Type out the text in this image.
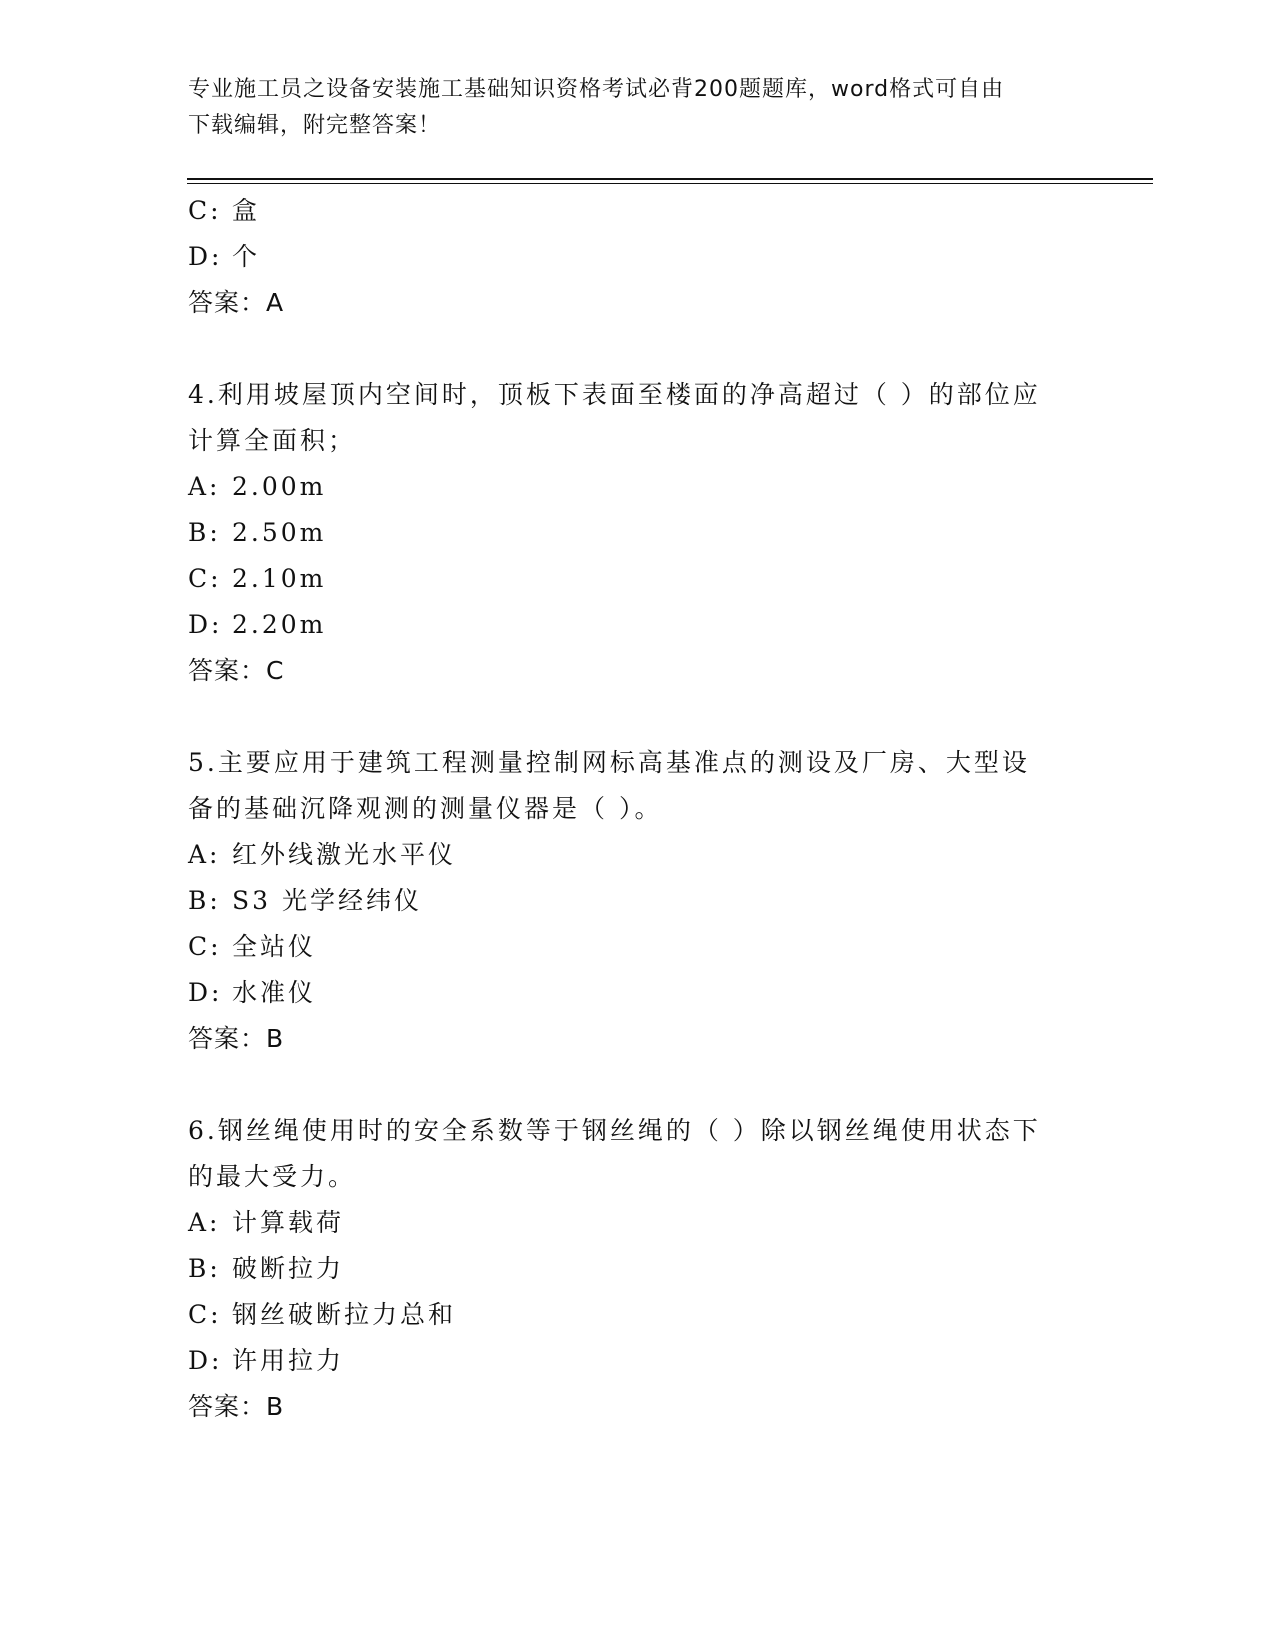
专业施工员之设备安装施工基础知识资格考试必背200题题库，word格式可自由
下载编辑，附完整答案！
C: 盒
D: 个
答案：A
4.利用坡屋顶内空间时，顶板下表面至楼面的净高超过（ ）的部位应
计算全面积；
A: 2.00m
B: 2.50m
C: 2.10m
D: 2.20m
答案：C
5.主要应用于建筑工程测量控制网标高基准点的测设及厂房、大型设
备的基础沉降观测的测量仪器是（ ）。
A: 红外线激光水平仪
B: S3 光学经纬仪
C: 全站仪
D: 水准仪
答案：B
6.钢丝绳使用时的安全系数等于钢丝绳的（ ）除以钢丝绳使用状态下
的最大受力。
A: 计算载荷
B: 破断拉力
C: 钢丝破断拉力总和
D: 许用拉力
答案：B
